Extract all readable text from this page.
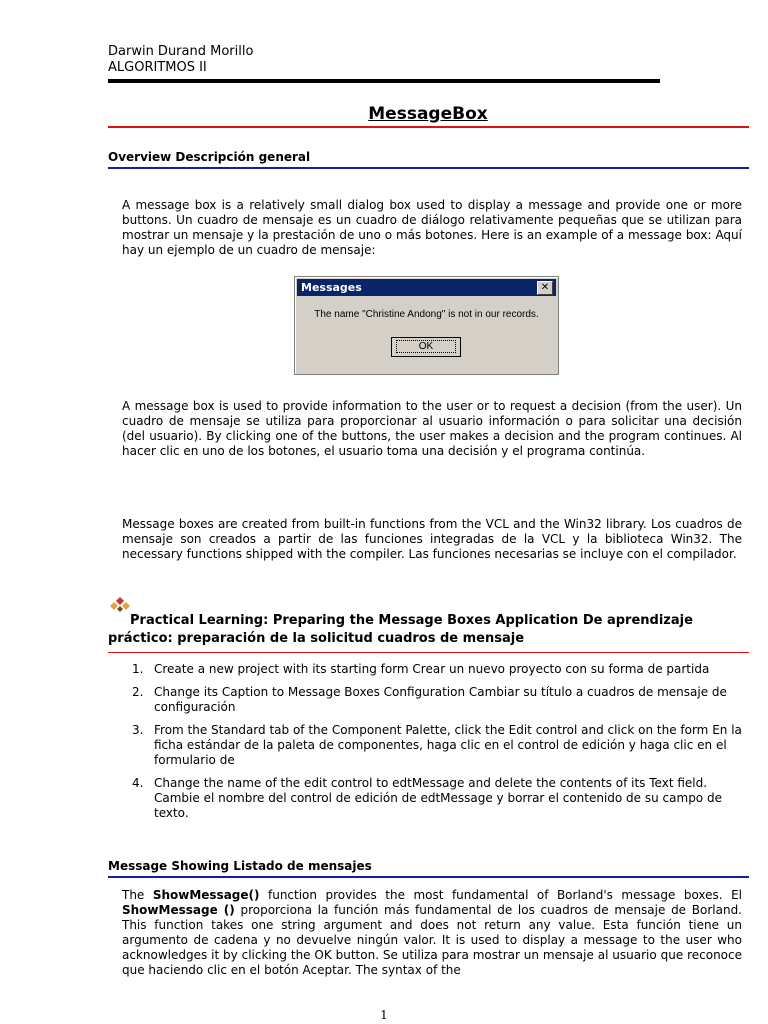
Darwin Durand Morillo
ALGORITMOS II
MessageBox
Overview Descripción general
A message box is a relatively small dialog box used to display a message and provide one or more buttons. Un cuadro de mensaje es un cuadro de diálogo relativamente pequeñas que se utilizan para mostrar un mensaje y la prestación de uno o más botones. Here is an example of a message box: Aquí hay un ejemplo de un cuadro de mensaje:
Messages	✕
The name "Christine Andong" is not in our records.
OK
A message box is used to provide information to the user or to request a decision (from the user). Un cuadro de mensaje se utiliza para proporcionar al usuario información o para solicitar una decisión (del usuario). By clicking one of the buttons, the user makes a decision and the program continues. Al hacer clic en uno de los botones, el usuario toma una decisión y el programa continúa.
Message boxes are created from built-in functions from the VCL and the Win32 library. Los cuadros de mensaje son creados a partir de las funciones integradas de la VCL y la biblioteca Win32. The necessary functions shipped with the compiler. Las funciones necesarias se incluye con el compilador.
Practical Learning: Preparing the Message Boxes Application De aprendizaje práctico: preparación de la solicitud cuadros de mensaje
1. Create a new project with its starting form Crear un nuevo proyecto con su forma de partida
2. Change its Caption to Message Boxes Configuration Cambiar su título a cuadros de mensaje de configuración
3. From the Standard tab of the Component Palette, click the Edit control and click on the form En la ficha estándar de la paleta de componentes, haga clic en el control de edición y haga clic en el formulario de
4. Change the name of the edit control to edtMessage and delete the contents of its Text field. Cambie el nombre del control de edición de edtMessage y borrar el contenido de su campo de texto.
Message Showing Listado de mensajes
The ShowMessage() function provides the most fundamental of Borland's message boxes. El ShowMessage () proporciona la función más fundamental de los cuadros de mensaje de Borland. This function takes one string argument and does not return any value. Esta función tiene un argumento de cadena y no devuelve ningún valor. It is used to display a message to the user who acknowledges it by clicking the OK button. Se utiliza para mostrar un mensaje al usuario que reconoce que haciendo clic en el botón Aceptar. The syntax of the
1
